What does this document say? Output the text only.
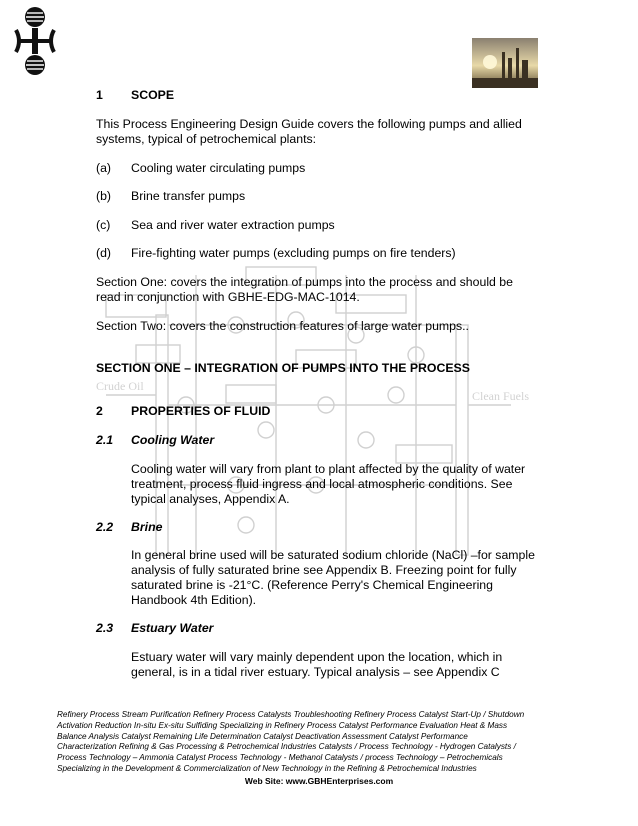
Crude Oil
Clean Fuels
1 SCOPE
This Process Engineering Design Guide covers the following pumps and allied
systems, typical of petrochemical plants:
(a) Cooling water circulating pumps
(b) Brine transfer pumps
(c) Sea and river water extraction pumps
(d) Fire-fighting water pumps (excluding pumps on fire tenders)
Section One: covers the integration of pumps into the process and should be
read in conjunction with GBHE-EDG-MAC-1014.
Section Two: covers the construction features of large water pumps..
SECTION ONE – INTEGRATION OF PUMPS INTO THE PROCESS
2 PROPERTIES OF FLUID
2.1 Cooling Water
Cooling water will vary from plant to plant affected by the quality of water
treatment, process fluid ingress and local atmospheric conditions. See
typical analyses, Appendix A.
2.2 Brine
In general brine used will be saturated sodium chloride (NaCl) –for sample
analysis of fully saturated brine see Appendix B. Freezing point for fully
saturated brine is -21°C. (Reference Perry's Chemical Engineering
Handbook 4th Edition).
2.3 Estuary Water
Estuary water will vary mainly dependent upon the location, which in
general, is in a tidal river estuary. Typical analysis – see Appendix C
Refinery Process Stream Purification Refinery Process Catalysts Troubleshooting Refinery Process Catalyst Start-Up / Shutdown
Activation Reduction In-situ Ex-situ Sulfiding Specializing in Refinery Process Catalyst Performance Evaluation Heat & Mass
Balance Analysis Catalyst Remaining Life Determination Catalyst Deactivation Assessment Catalyst Performance
Characterization Refining & Gas Processing & Petrochemical Industries Catalysts / Process Technology - Hydrogen Catalysts /
Process Technology – Ammonia Catalyst Process Technology - Methanol Catalysts / process Technology – Petrochemicals
Specializing in the Development & Commercialization of New Technology in the Refining & Petrochemical Industries
Web Site: www.GBHEnterprises.com
